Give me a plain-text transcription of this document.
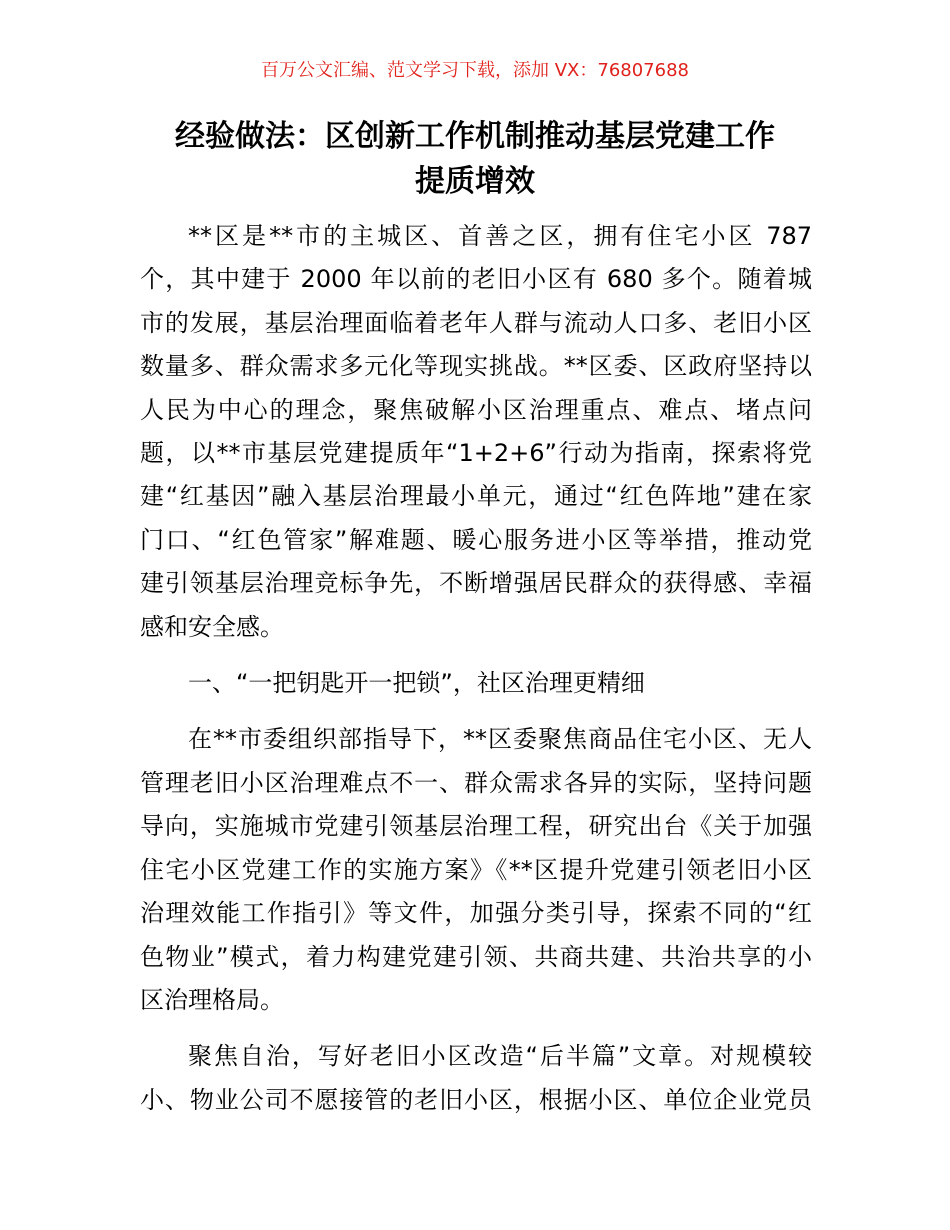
百万公文汇编、范文学习下载，添加 VX：76807688
经验做法：区创新工作机制推动基层党建工作
提质增效
**区是**市的主城区、首善之区，拥有住宅小区 787
个，其中建于 2000 年以前的老旧小区有 680 多个。随着城
市的发展，基层治理面临着老年人群与流动人口多、老旧小区
数量多、群众需求多元化等现实挑战。**区委、区政府坚持以
人民为中心的理念，聚焦破解小区治理重点、难点、堵点问
题，以**市基层党建提质年“1+2+6”行动为指南，探索将党
建“红基因”融入基层治理最小单元，通过“红色阵地”建在家
门口、“红色管家”解难题、暖心服务进小区等举措，推动党
建引领基层治理竞标争先，不断增强居民群众的获得感、幸福
感和安全感。
一、“一把钥匙开一把锁”，社区治理更精细
在**市委组织部指导下，**区委聚焦商品住宅小区、无人
管理老旧小区治理难点不一、群众需求各异的实际，坚持问题
导向，实施城市党建引领基层治理工程，研究出台《关于加强
住宅小区党建工作的实施方案》《**区提升党建引领老旧小区
治理效能工作指引》等文件，加强分类引导，探索不同的“红
色物业”模式，着力构建党建引领、共商共建、共治共享的小
区治理格局。
聚焦自治，写好老旧小区改造“后半篇”文章。对规模较
小、物业公司不愿接管的老旧小区，根据小区、单位企业党员
